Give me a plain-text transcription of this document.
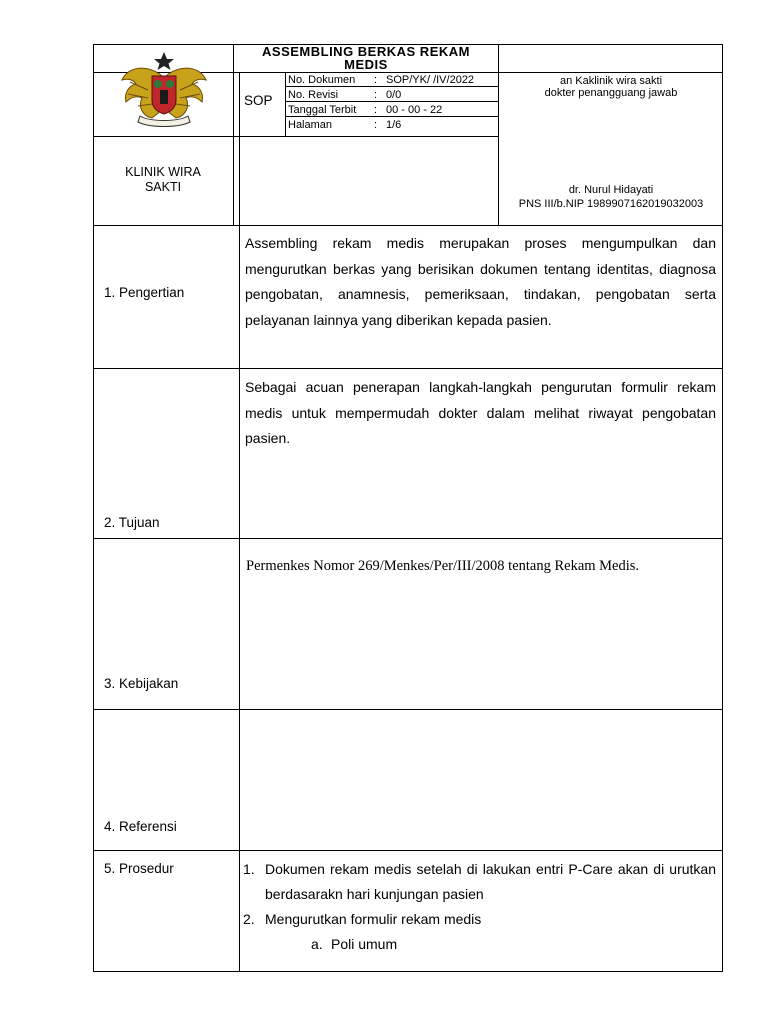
ASSEMBLING BERKAS REKAM MEDIS
SOP
No. Dokumen : SOP/YK/ /IV/2022
No. Revisi	: 0/0
Tanggal Terbit : 00 - 00 - 22
Halaman	: 1/6
an Kaklinik wira sakti
dokter penangguang jawab
dr. Nurul Hidayati
PNS III/b.NIP 1989907162019032003
KLINIK WIRA SAKTI
1. Pengertian
Assembling rekam medis merupakan proses mengumpulkan dan mengurutkan berkas yang berisikan dokumen tentang identitas, diagnosa pengobatan, anamnesis, pemeriksaan, tindakan, pengobatan serta pelayanan lainnya yang diberikan kepada pasien.
2. Tujuan
Sebagai acuan penerapan langkah-langkah pengurutan formulir rekam medis untuk mempermudah dokter dalam melihat riwayat pengobatan pasien.
3. Kebijakan
Permenkes Nomor 269/Menkes/Per/III/2008 tentang Rekam Medis.
4. Referensi
5. Prosedur	1. Dokumen rekam medis setelah di lakukan entri P-Care akan di urutkan berdasarakn hari kunjungan pasien
2. Mengurutkan formulir rekam medis
a. Poli umum
